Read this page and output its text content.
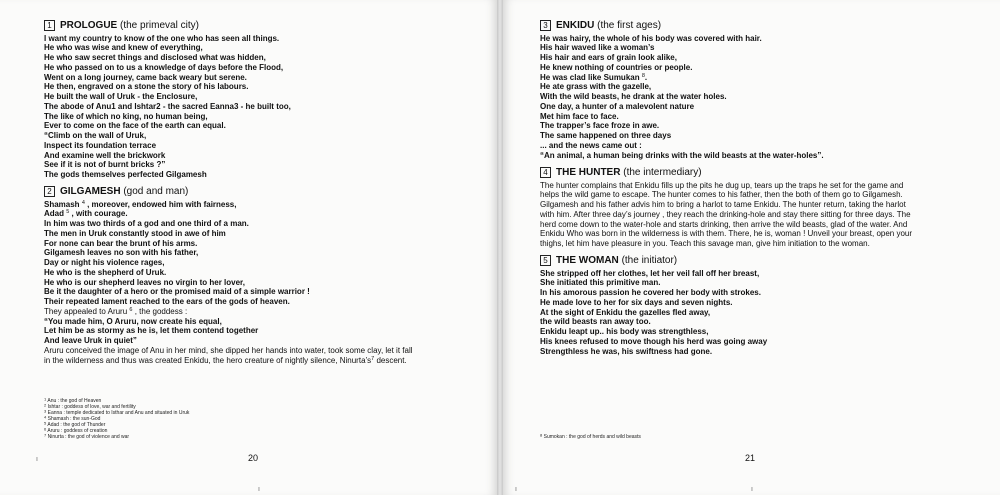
1 PROLOGUE (the primeval city)
I want my country to know of the one who has seen all things.
He who was wise and knew of everything,
He who saw secret things and disclosed what was hidden,
He who passed on to us a knowledge of days before the Flood,
Went on a long journey, came back weary but serene.
He then, engraved on a stone the story of his labours.
He built the wall of Uruk - the Enclosure,
The abode of Anu1 and Ishtar2 - the sacred Eanna3 - he built too,
The like of which no king, no human being,
Ever to come on the face of the earth can equal.
“Climb on the wall of Uruk,
Inspect its foundation terrace
And examine well the brickwork
See if it is not of burnt bricks ?”
The gods themselves perfected Gilgamesh
2 GILGAMESH (god and man)
Shamash $^4$ , moreover, endowed him with fairness,
Adad $^5$ , with courage.
In him was two thirds of a god and one third of a man.
The men in Uruk constantly stood in awe of him
For none can bear the brunt of his arms.
Gilgamesh leaves no son with his father,
Day or night his violence rages,
He who is the shepherd of Uruk.
He who is our shepherd leaves no virgin to her lover,
Be it the daughter of a hero or the promised maid of a simple warrior !
Their repeated lament reached to the ears of the gods of heaven.
They appealed to Aruru $^6$ , the goddess :
“You made him, O Aruru, now create his equal,
Let him be as stormy as he is, let them contend together
And leave Uruk in quiet”
Aruru conceived the image of Anu in her mind, she dipped her hands into water, took some clay, let it fall
in the wilderness and thus was created Enkidu, the hero creature of nightly silence, $Ninurta’s^7$ descent.
$^1$ Anu : the god of Heaven
$^2$ Ishtar : goddess of love, war and fertility
$^3$ Eanna : temple dedicated to Isthar and Anu and situated in Uruk
$^4$ Shamash : the sun-God
$^5$ Adad : the god of Thunder
$^6$ Aruru : goddess of creation
$^7$ Ninurta : the god of violence and war
20
ı
ı
3 ENKIDU (the first ages)
He was hairy, the whole of his body was covered with hair.
His hair waved like a woman’s
His hair and ears of grain look alike,
He knew nothing of countries or people.
He was clad like Sumukan $^8$.
He ate grass with the gazelle,
With the wild beasts, he drank at the water holes.
One day, a hunter of a malevolent nature
Met him face to face.
The trapper’s face froze in awe.
The same happened on three days
... and the news came out :
“An animal, a human being drinks with the wild beasts at the water-holes”.
4 THE HUNTER (the intermediary)
The hunter complains that Enkidu fills up the pits he dug up, tears up the traps he set for the game and
helps the wild game to escape. The hunter comes to his father, then the both of them go to Gilgamesh.
Gilgamesh and his father advis him to bring a harlot to tame Enkidu. The hunter return, taking the harlot
with him. After three day’s journey , they reach the drinking-hole and stay there sitting for three days. The
herd come down to the water-hole and starts drinking, then arrive the wild beasts, glad of the water. And
Enkidu Who was born in the wilderness is with them. There, he is, woman ! Unveil your breast, open your
thighs, let him have pleasure in you. Teach this savage man, give him initiation to the woman.
5 THE WOMAN (the initiator)
She stripped off her clothes, let her veil fall off her breast,
She initiated this primitive man.
In his amorous passion he covered her body with strokes.
He made love to her for six days and seven nights.
At the sight of Enkidu the gazelles fled away,
the wild beasts ran away too.
Enkidu leapt up.. his body was strengthless,
His knees refused to move though his herd was going away
Strengthless he was, his swiftness had gone.
$^8$ Sumokan : the god of herds and wild beasts
21
ı	ı
